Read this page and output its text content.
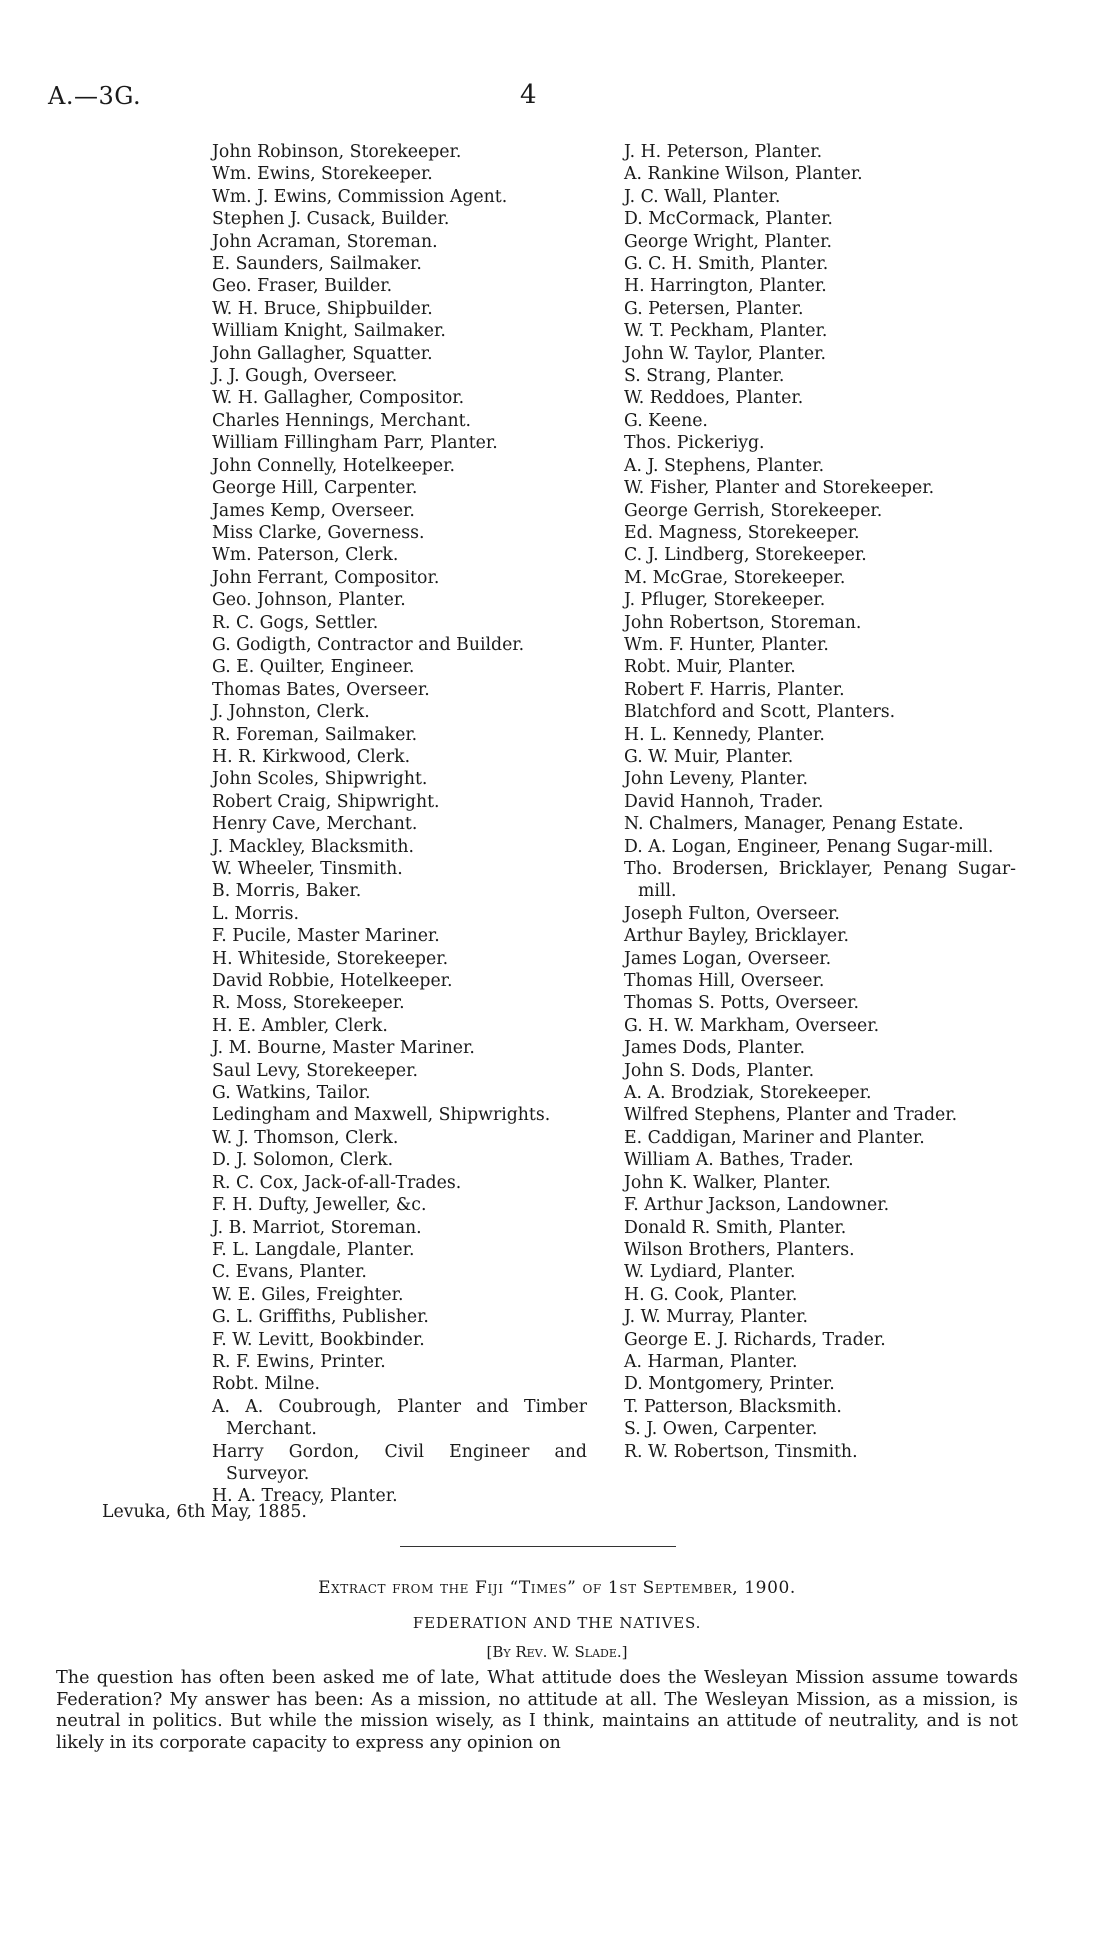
A.—3G.	4

John Robinson, Storekeeper.

Wm. Ewins, Storekeeper.

Wm. J. Ewins, Commission Agent.

Stephen J. Cusack, Builder.

John Acraman, Storeman.

E. Saunders, Sailmaker.

Geo. Fraser, Builder.

W. H. Bruce, Shipbuilder.

William Knight, Sailmaker.

John Gallagher, Squatter.

J. J. Gough, Overseer.

W. H. Gallagher, Compositor.

Charles Hennings, Merchant.

William Fillingham Parr, Planter.

John Connelly, Hotelkeeper.

George Hill, Carpenter.

James Kemp, Overseer.

Miss Clarke, Governess.

Wm. Paterson, Clerk.

John Ferrant, Compositor.

Geo. Johnson, Planter.

R. C. Gogs, Settler.

G. Godigth, Contractor and Builder.

G. E. Quilter, Engineer.

Thomas Bates, Overseer.

J. Johnston, Clerk.

R. Foreman, Sailmaker.

H. R. Kirkwood, Clerk.

John Scoles, Shipwright.

Robert Craig, Shipwright.

Henry Cave, Merchant.

J. Mackley, Blacksmith.

W. Wheeler, Tinsmith.

B. Morris, Baker.

L. Morris.

F. Pucile, Master Mariner.

H. Whiteside, Storekeeper.

David Robbie, Hotelkeeper.

R. Moss, Storekeeper.

H. E. Ambler, Clerk.

J. M. Bourne, Master Mariner.

Saul Levy, Storekeeper.

G. Watkins, Tailor.

Ledingham and Maxwell, Shipwrights.

W. J. Thomson, Clerk.

D. J. Solomon, Clerk.

R. C. Cox, Jack-of-all-Trades.

F. H. Dufty, Jeweller, &c.

J. B. Marriot, Storeman.

F. L. Langdale, Planter.

C. Evans, Planter.

W. E. Giles, Freighter.

G. L. Griffiths, Publisher.

F. W. Levitt, Bookbinder.

R. F. Ewins, Printer.

Robt. Milne.

A. A. Coubrough, Planter and Timber Merchant.

Harry Gordon, Civil Engineer and Surveyor.

H. A. Treacy, Planter.

J. H. Peterson, Planter.

A. Rankine Wilson, Planter.

J. C. Wall, Planter.

D. McCormack, Planter.

George Wright, Planter.

G. C. H. Smith, Planter.

H. Harrington, Planter.

G. Petersen, Planter.

W. T. Peckham, Planter.

John W. Taylor, Planter.

S. Strang, Planter.

W. Reddoes, Planter.

G. Keene.

Thos. Pickeriyg.

A. J. Stephens, Planter.

W. Fisher, Planter and Storekeeper.

George Gerrish, Storekeeper.

Ed. Magness, Storekeeper.

C. J. Lindberg, Storekeeper.

M. McGrae, Storekeeper.

J. Pfluger, Storekeeper.

John Robertson, Storeman.

Wm. F. Hunter, Planter.

Robt. Muir, Planter.

Robert F. Harris, Planter.

Blatchford and Scott, Planters.

H. L. Kennedy, Planter.

G. W. Muir, Planter.

John Leveny, Planter.

David Hannoh, Trader.

N. Chalmers, Manager, Penang Estate.

D. A. Logan, Engineer, Penang Sugar-mill.

Tho. Brodersen, Bricklayer, Penang Sugar-mill.

Joseph Fulton, Overseer.

Arthur Bayley, Bricklayer.

James Logan, Overseer.

Thomas Hill, Overseer.

Thomas S. Potts, Overseer.

G. H. W. Markham, Overseer.

James Dods, Planter.

John S. Dods, Planter.

A. A. Brodziak, Storekeeper.

Wilfred Stephens, Planter and Trader.

E. Caddigan, Mariner and Planter.

William A. Bathes, Trader.

John K. Walker, Planter.

F. Arthur Jackson, Landowner.

Donald R. Smith, Planter.

Wilson Brothers, Planters.

W. Lydiard, Planter.

H. G. Cook, Planter.

J. W. Murray, Planter.

George E. J. Richards, Trader.

A. Harman, Planter.

D. Montgomery, Printer.

T. Patterson, Blacksmith.

S. J. Owen, Carpenter.

R. W. Robertson, Tinsmith.

Levuka, 6th May, 1885.
Extract from the Fiji “Times” of 1st September, 1900.
FEDERATION AND THE NATIVES.
[By Rev. W. Slade.]

The question has often been asked me of late, What attitude does the Wesleyan Mission assume towards Federation? My answer has been: As a mission, no attitude at all. The Wesleyan Mission, as a mission, is neutral in politics. But while the mission wisely, as I think, maintains an attitude of neutrality, and is not likely in its corporate capacity to express any opinion on
